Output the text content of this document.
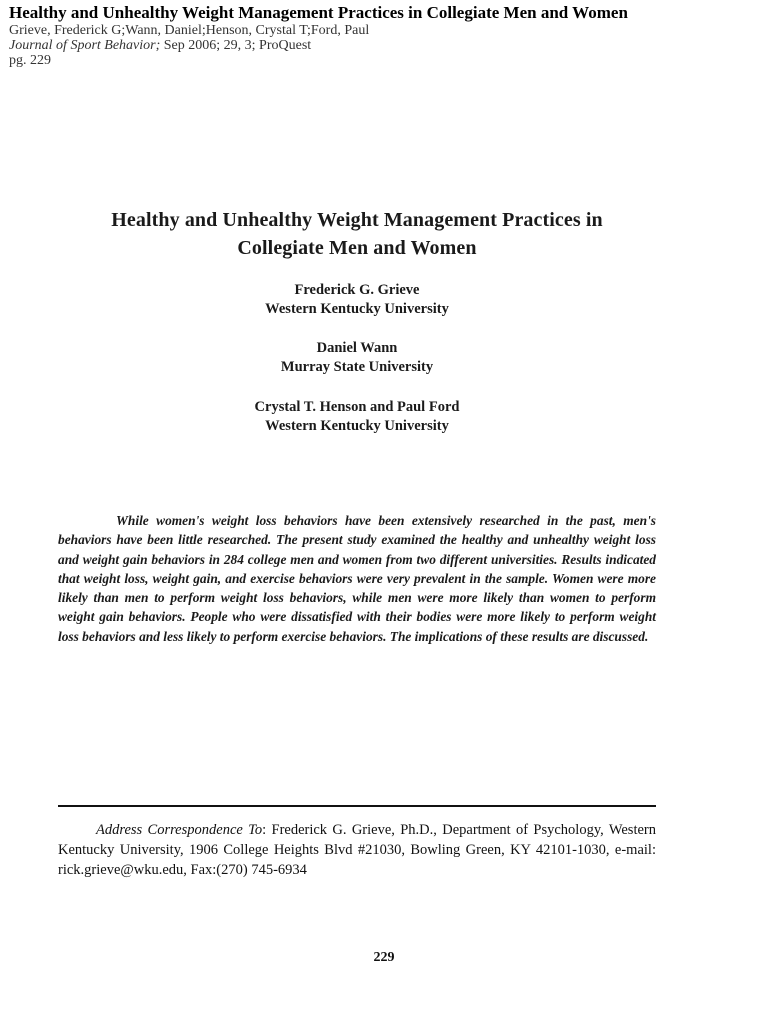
Healthy and Unhealthy Weight Management Practices in Collegiate Men and Women
Grieve, Frederick G;Wann, Daniel;Henson, Crystal T;Ford, Paul
Journal of Sport Behavior; Sep 2006; 29, 3; ProQuest
pg. 229
Healthy and Unhealthy Weight Management Practices in
Collegiate Men and Women
Frederick G. Grieve
Western Kentucky University
Daniel Wann
Murray State University
Crystal T. Henson and Paul Ford
Western Kentucky University
While women's weight loss behaviors have been extensively researched in the past, men's behaviors have been little researched. The present study examined the healthy and unhealthy weight loss and weight gain behaviors in 284 college men and women from two different universities. Results indicated that weight loss, weight gain, and exercise behaviors were very prevalent in the sample. Women were more likely than men to perform weight loss behaviors, while men were more likely than women to perform weight gain behaviors. People who were dissatisfied with their bodies were more likely to perform weight loss behaviors and less likely to perform exercise behaviors. The implications of these results are discussed.
Address Correspondence To: Frederick G. Grieve, Ph.D., Department of Psychology, Western Kentucky University, 1906 College Heights Blvd #21030, Bowling Green, KY 42101-1030, e-mail: rick.grieve@wku.edu, Fax:(270) 745-6934
229
